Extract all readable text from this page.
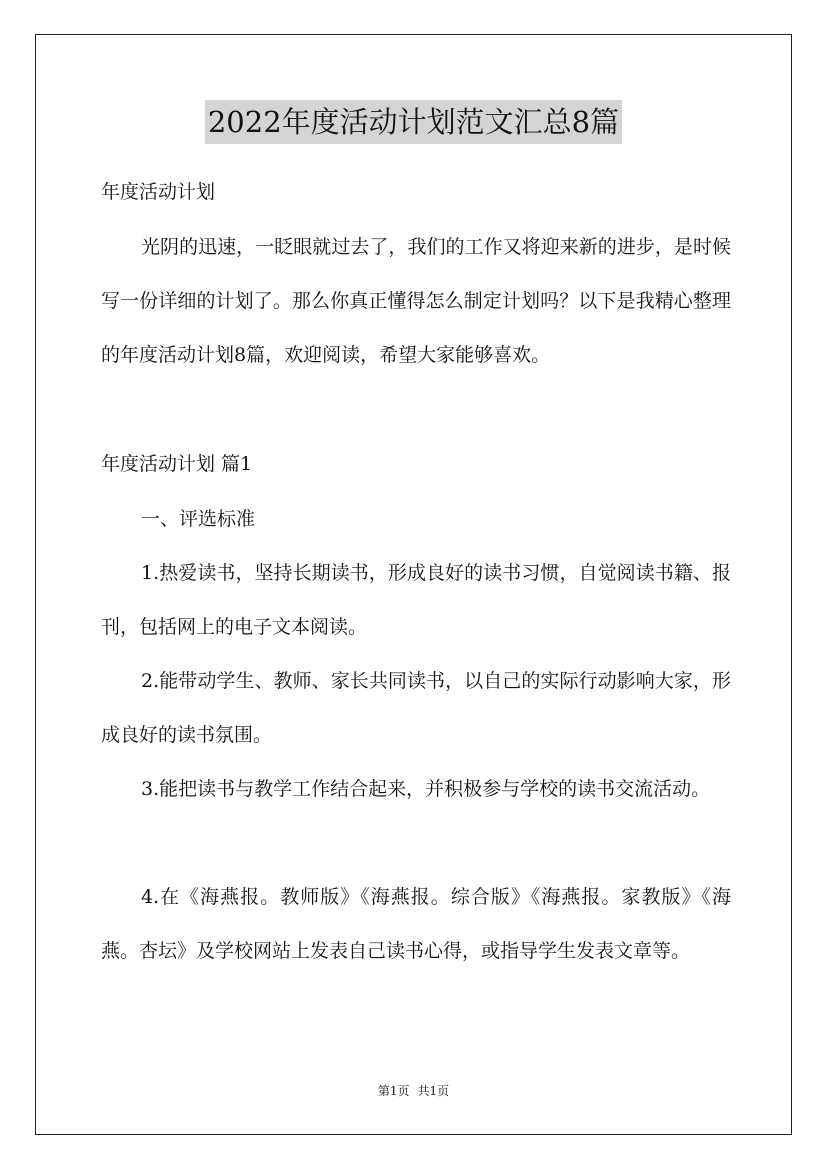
2022年度活动计划范文汇总8篇

年度活动计划

光阴的迅速，一眨眼就过去了，我们的工作又将迎来新的进步，是时候写一份详细的计划了。那么你真正懂得怎么制定计划吗？以下是我精心整理的年度活动计划8篇，欢迎阅读，希望大家能够喜欢。

年度活动计划 篇1

一、评选标准

1.热爱读书，坚持长期读书，形成良好的读书习惯，自觉阅读书籍、报刊，包括网上的电子文本阅读。

2.能带动学生、教师、家长共同读书，以自己的实际行动影响大家，形成良好的读书氛围。

3.能把读书与教学工作结合起来，并积极参与学校的读书交流活动。

4.在《海燕报。教师版》《海燕报。综合版》《海燕报。家教版》《海燕。杏坛》及学校网站上发表自己读书心得，或指导学生发表文章等。

第1页 共1页
